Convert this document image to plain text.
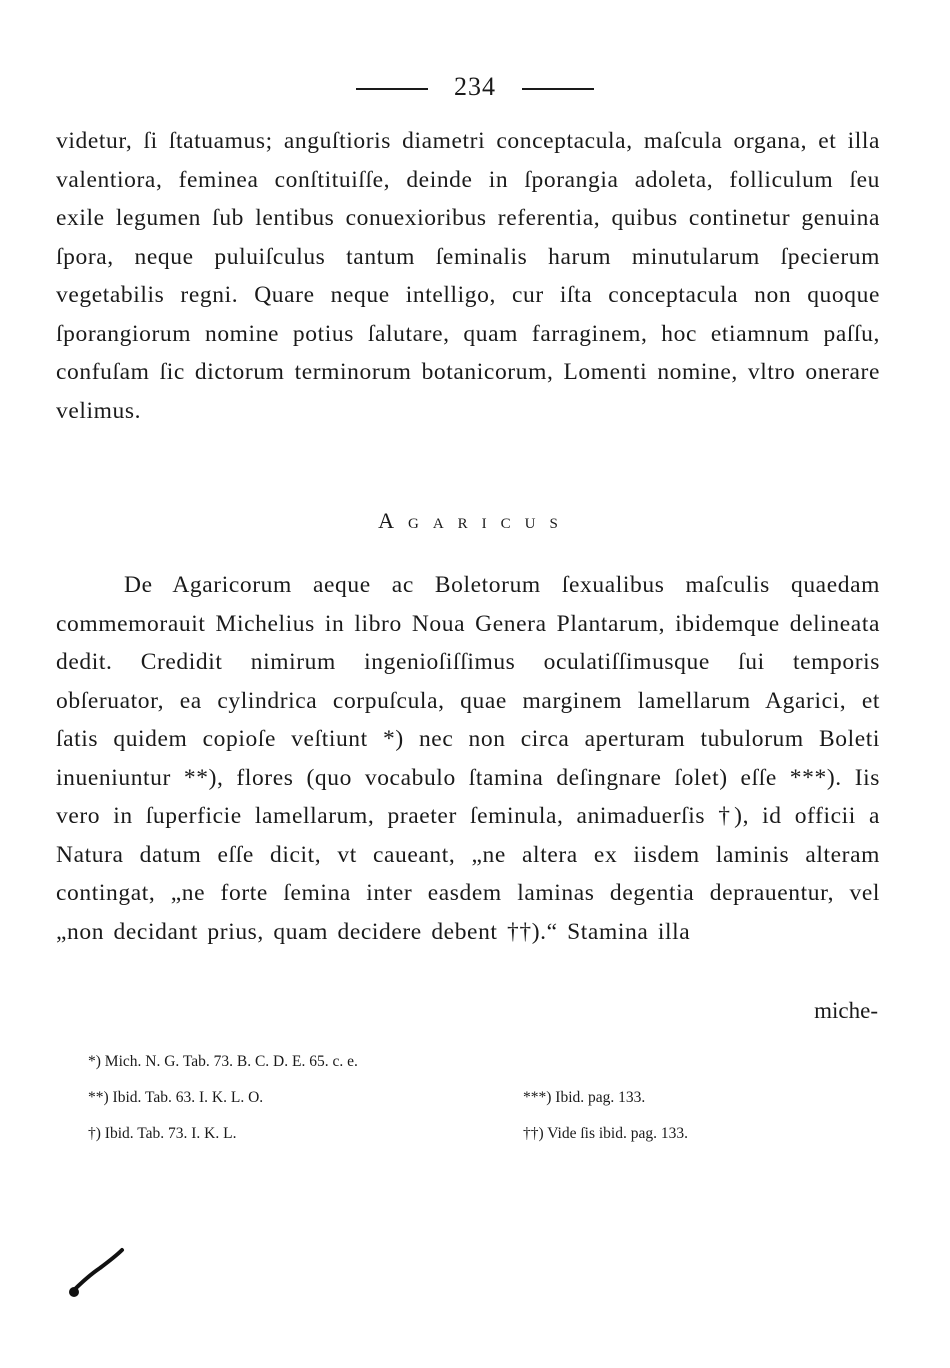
234
videtur, ſi ſtatuamus; anguſtioris diametri conceptacula, maſcula organa, et illa valentiora, feminea conſtituiſſe, deinde in ſporangia adoleta, folliculum ſeu exile legumen ſub lentibus conuexioribus referentia, quibus continetur genuina ſpora, neque puluiſculus tantum ſeminalis harum minutularum ſpecierum vegetabilis regni. Quare neque intelligo, cur iſta conceptacula non quoque ſporangiorum nomine potius ſalutare, quam farraginem, hoc etiamnum paſſu, confuſam ſic dictorum terminorum botanicorum, Lomenti nomine, vltro onerare velimus.
Agaricus
De Agaricorum aeque ac Boletorum ſexualibus maſculis quaedam commemorauit Michelius in libro Noua Genera Plantarum, ibidemque delineata dedit. Credidit nimirum ingenioſiſſimus oculatiſſimusque ſui temporis obſeruator, ea cylindrica corpuſcula, quae marginem lamellarum Agarici, et ſatis quidem copioſe veſtiunt *) nec non circa aperturam tubulorum Boleti inueniuntur **), flores (quo vocabulo ſtamina deſingnare ſolet) eſſe ***). Iis vero in ſuperficie lamellarum, praeter ſeminula, animaduerſis †), id officii a Natura datum eſſe dicit, vt caueant, „ne altera ex iisdem laminis alteram contingat, „ne forte ſemina inter easdem laminas degentia deprauentur, vel „non decidant prius, quam decidere debent ††).“ Stamina illa
miche-
*) Mich. N. G. Tab. 73. B. C. D. E. 65. c. e.
**) Ibid. Tab. 63. I. K. L. O.	***) Ibid. pag. 133.
†) Ibid. Tab. 73. I. K. L.	††) Vide ſis ibid. pag. 133.
